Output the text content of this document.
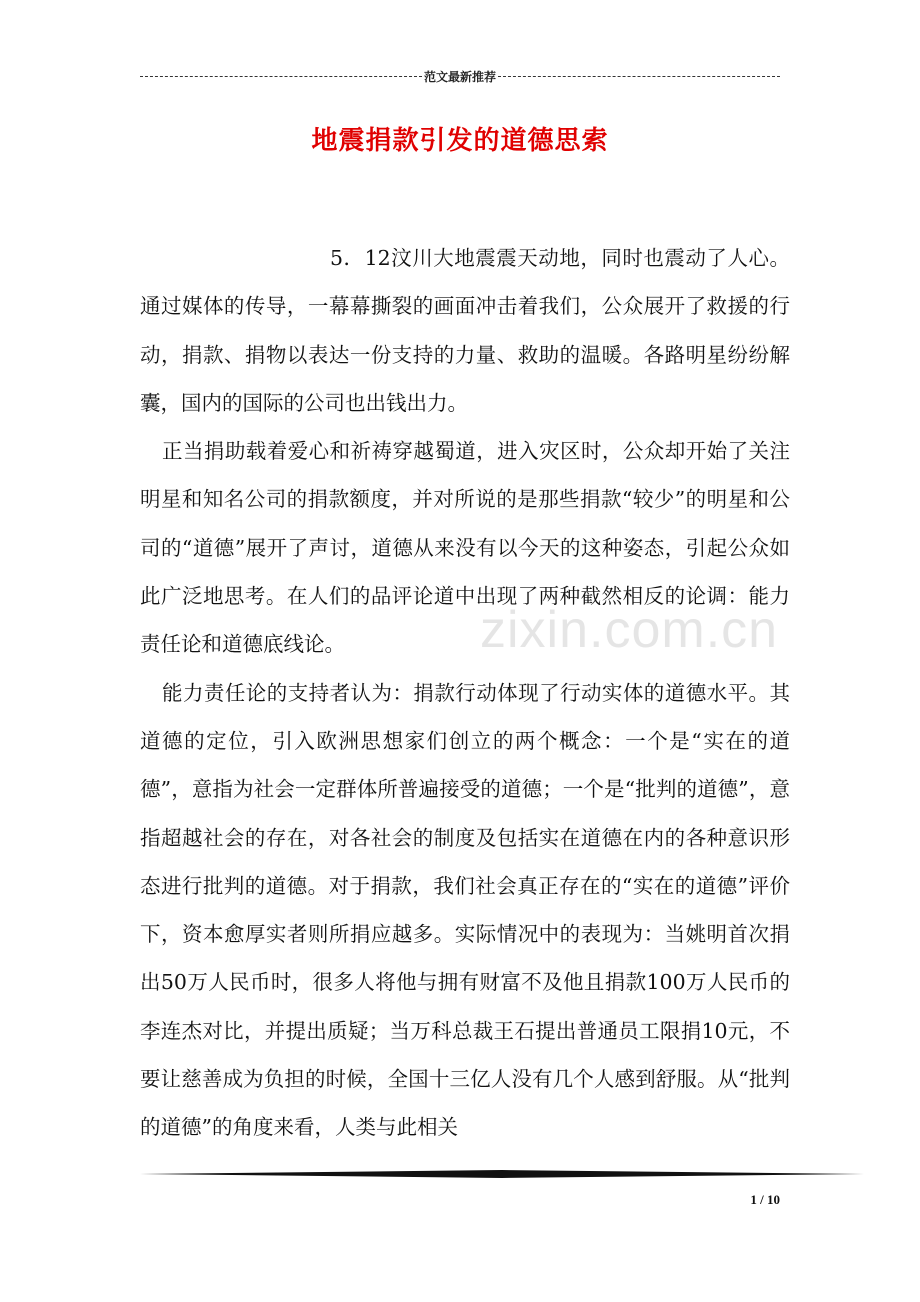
范文最新推荐
地震捐款引发的道德思索

5．12汶川大地震震天动地，同时也震动了人心。通过媒体的传导，一幕幕撕裂的画面冲击着我们，公众展开了救援的行动，捐款、捐物以表达一份支持的力量、救助的温暖。各路明星纷纷解囊，国内的国际的公司也出钱出力。

正当捐助载着爱心和祈祷穿越蜀道，进入灾区时，公众却开始了关注明星和知名公司的捐款额度，并对所说的是那些捐款“较少”的明星和公司的“道德”展开了声讨，道德从来没有以今天的这种姿态，引起公众如此广泛地思考。在人们的品评论道中出现了两种截然相反的论调：能力责任论和道德底线论。

能力责任论的支持者认为：捐款行动体现了行动实体的道德水平。其道德的定位，引入欧洲思想家们创立的两个概念：一个是“实在的道德”，意指为社会一定群体所普遍接受的道德；一个是“批判的道德”，意指超越社会的存在，对各社会的制度及包括实在道德在内的各种意识形态进行批判的道德。对于捐款，我们社会真正存在的“实在的道德”评价下，资本愈厚实者则所捐应越多。实际情况中的表现为：当姚明首次捐出50万人民币时，很多人将他与拥有财富不及他且捐款100万人民币的李连杰对比，并提出质疑；当万科总裁王石提出普通员工限捐10元，不要让慈善成为负担的时候，全国十三亿人没有几个人感到舒服。从“批判的道德”的角度来看，人类与此相关

zixin.com.cn
1 / 10
